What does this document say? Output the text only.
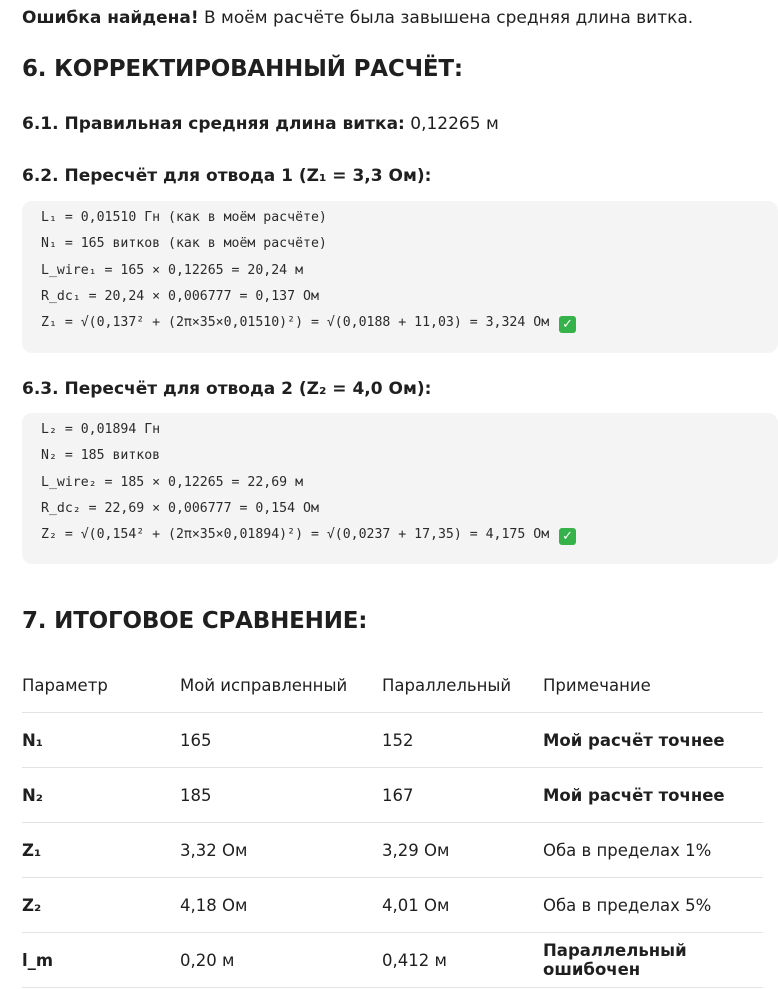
Ошибка найдена! В моём расчёте была завышена средняя длина витка.
6. КОРРЕКТИРОВАННЫЙ РАСЧЁТ:
6.1. Правильная средняя длина витка: 0,12265 м
6.2. Пересчёт для отвода 1 (Z₁ = 3,3 Ом):
L₁ = 0,01510 Гн (как в моём расчёте)
N₁ = 165 витков (как в моём расчёте)
L_wire₁ = 165 × 0,12265 = 20,24 м
R_dc₁ = 20,24 × 0,006777 = 0,137 Ом
Z₁ = √(0,137² + (2π×35×0,01510)²) = √(0,0188 + 11,03) = 3,324 Ом ✓
6.3. Пересчёт для отвода 2 (Z₂ = 4,0 Ом):
L₂ = 0,01894 Гн
N₂ = 185 витков
L_wire₂ = 185 × 0,12265 = 22,69 м
R_dc₂ = 22,69 × 0,006777 = 0,154 Ом
Z₂ = √(0,154² + (2π×35×0,01894)²) = √(0,0237 + 17,35) = 4,175 Ом ✓
7. ИТОГОВОЕ СРАВНЕНИЕ:
Параметр	Мой исправленный	Параллельный	Примечание
N₁	165	152	Мой расчёт точнее
N₂	185	167	Мой расчёт точнее
Z₁	3,32 Ом	3,29 Ом	Оба в пределах 1%
Z₂	4,18 Ом	4,01 Ом	Оба в пределах 5%
l_m	0,20 м	0,412 м	Параллельный ошибочен
